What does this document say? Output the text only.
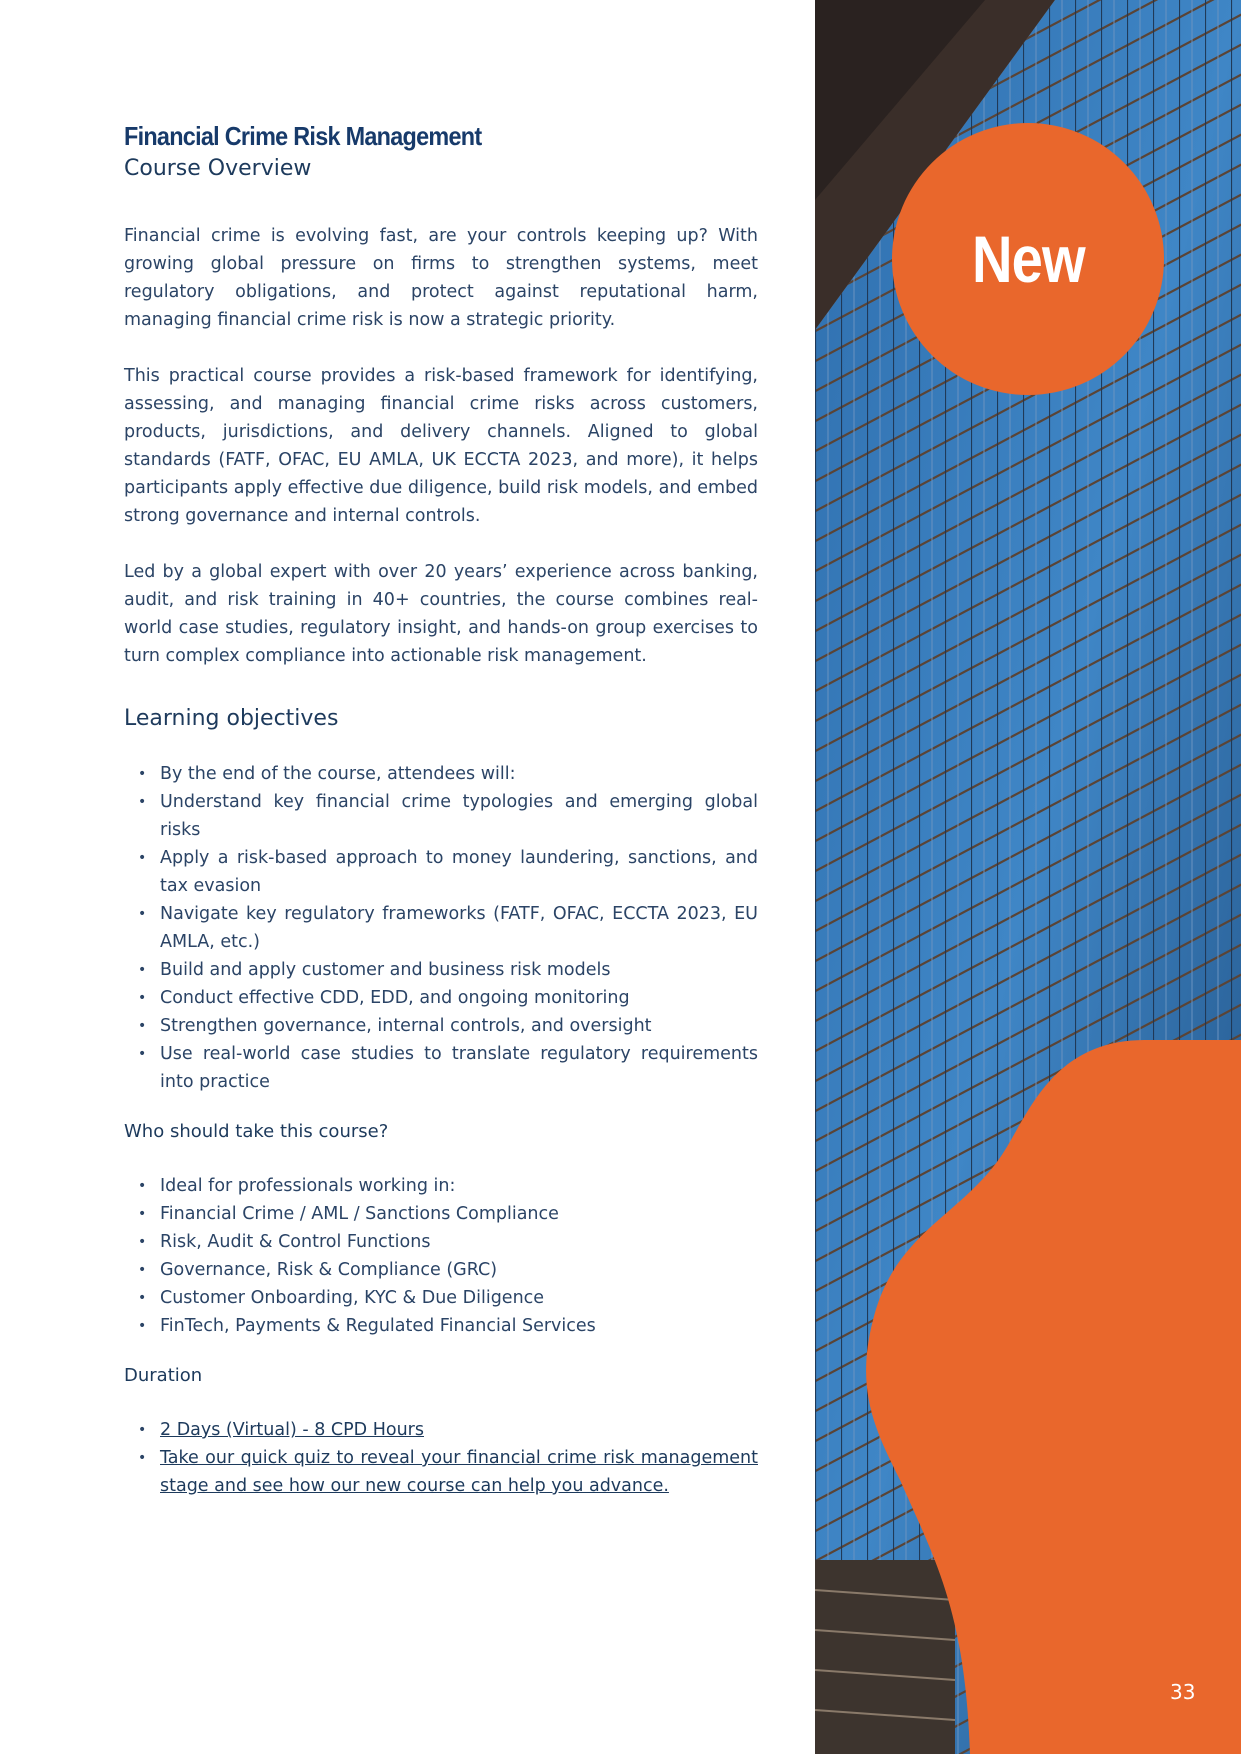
Financial Crime Risk Management
Course Overview

Financial crime is evolving fast, are your controls keeping up? With growing global pressure on firms to strengthen systems, meet regulatory obligations, and protect against reputational harm, managing financial crime risk is now a strategic priority.

This practical course provides a risk-based framework for identifying, assessing, and managing financial crime risks across customers, products, jurisdictions, and delivery channels. Aligned to global standards (FATF, OFAC, EU AMLA, UK ECCTA 2023, and more), it helps participants apply effective due diligence, build risk models, and embed strong governance and internal controls.

Led by a global expert with over 20 years’ experience across banking, audit, and risk training in 40+ countries, the course combines real-world case studies, regulatory insight, and hands-on group exercises to turn complex compliance into actionable risk management.

Learning objectives
• By the end of the course, attendees will:
• Understand key financial crime typologies and emerging global risks
• Apply a risk-based approach to money laundering, sanctions, and tax evasion
• Navigate key regulatory frameworks (FATF, OFAC, ECCTA 2023, EU AMLA, etc.)
• Build and apply customer and business risk models
• Conduct effective CDD, EDD, and ongoing monitoring
• Strengthen governance, internal controls, and oversight
• Use real-world case studies to translate regulatory requirements into practice
Who should take this course?
• Ideal for professionals working in:
• Financial Crime / AML / Sanctions Compliance
• Risk, Audit & Control Functions
• Governance, Risk & Compliance (GRC)
• Customer Onboarding, KYC & Due Diligence
• FinTech, Payments & Regulated Financial Services
Duration
• 2 Days (Virtual) - 8 CPD Hours
• Take our quick quiz to reveal your financial crime risk management stage and see how our new course can help you advance.
New
33
